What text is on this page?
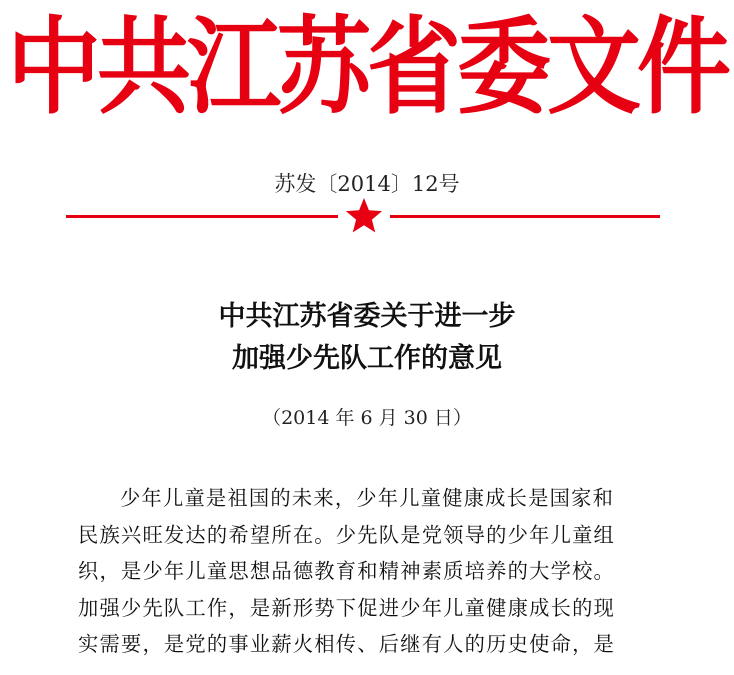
中共江苏省委文件
苏发〔2014〕12号
中共江苏省委关于进一步
加强少先队工作的意见
（2014 年 6 月 30 日）
少年儿童是祖国的未来，少年儿童健康成长是国家和
民族兴旺发达的希望所在。少先队是党领导的少年儿童组
织，是少年儿童思想品德教育和精神素质培养的大学校。
加强少先队工作，是新形势下促进少年儿童健康成长的现
实需要，是党的事业薪火相传、后继有人的历史使命，是
